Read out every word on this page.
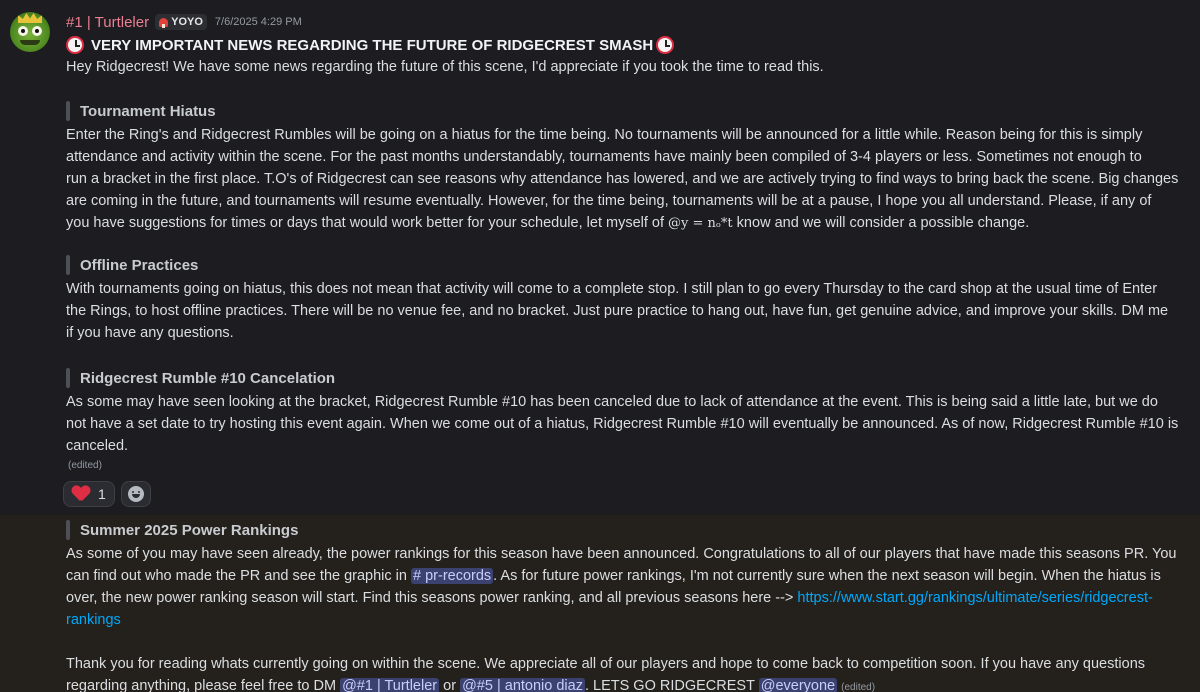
#1 | Turtleler YOYO 7/6/2025 4:29 PM
VERY IMPORTANT NEWS REGARDING THE FUTURE OF RIDGECREST SMASH
Hey Ridgecrest! We have some news regarding the future of this scene, I'd appreciate if you took the time to read this.
Tournament Hiatus
Enter the Ring's and Ridgecrest Rumbles will be going on a hiatus for the time being. No tournaments will be announced for a little while. Reason being for this is simply
attendance and activity within the scene. For the past months understandably, tournaments have mainly been compiled of 3-4 players or less. Sometimes not enough to
run a bracket in the first place. T.O's of Ridgecrest can see reasons why attendance has lowered, and we are actively trying to find ways to bring back the scene. Big changes
are coming in the future, and tournaments will resume eventually. However, for the time being, tournaments will be at a pause, I hope you all understand. Please, if any of
you have suggestions for times or days that would work better for your schedule, let myself of @y = nₒ*t know and we will consider a possible change.
Offline Practices
With tournaments going on hiatus, this does not mean that activity will come to a complete stop. I still plan to go every Thursday to the card shop at the usual time of Enter
the Rings, to host offline practices. There will be no venue fee, and no bracket. Just pure practice to hang out, have fun, get genuine advice, and improve your skills. DM me
if you have any questions.
Ridgecrest Rumble #10 Cancelation
As some may have seen looking at the bracket, Ridgecrest Rumble #10 has been canceled due to lack of attendance at the event. This is being said a little late, but we do
not have a set date to try hosting this event again. When we come out of a hiatus, Ridgecrest Rumble #10 will eventually be announced. As of now, Ridgecrest Rumble #10 is
canceled.
(edited)
1
Summer 2025 Power Rankings
As some of you may have seen already, the power rankings for this season have been announced. Congratulations to all of our players that have made this seasons PR. You
can find out who made the PR and see the graphic in # pr-records . As for future power rankings, I'm not currently sure when the next season will begin. When the hiatus is
over, the new power ranking season will start. Find this seasons power ranking, and all previous seasons here --> https://www.start.gg/rankings/ultimate/series/ridgecrest-
rankings
Thank you for reading whats currently going on within the scene. We appreciate all of our players and hope to come back to competition soon. If you have any questions
regarding anything, please feel free to DM @#1 | Turtleler or @#5 | antonio diaz . LETS GO RIDGECREST @everyone (edited)
